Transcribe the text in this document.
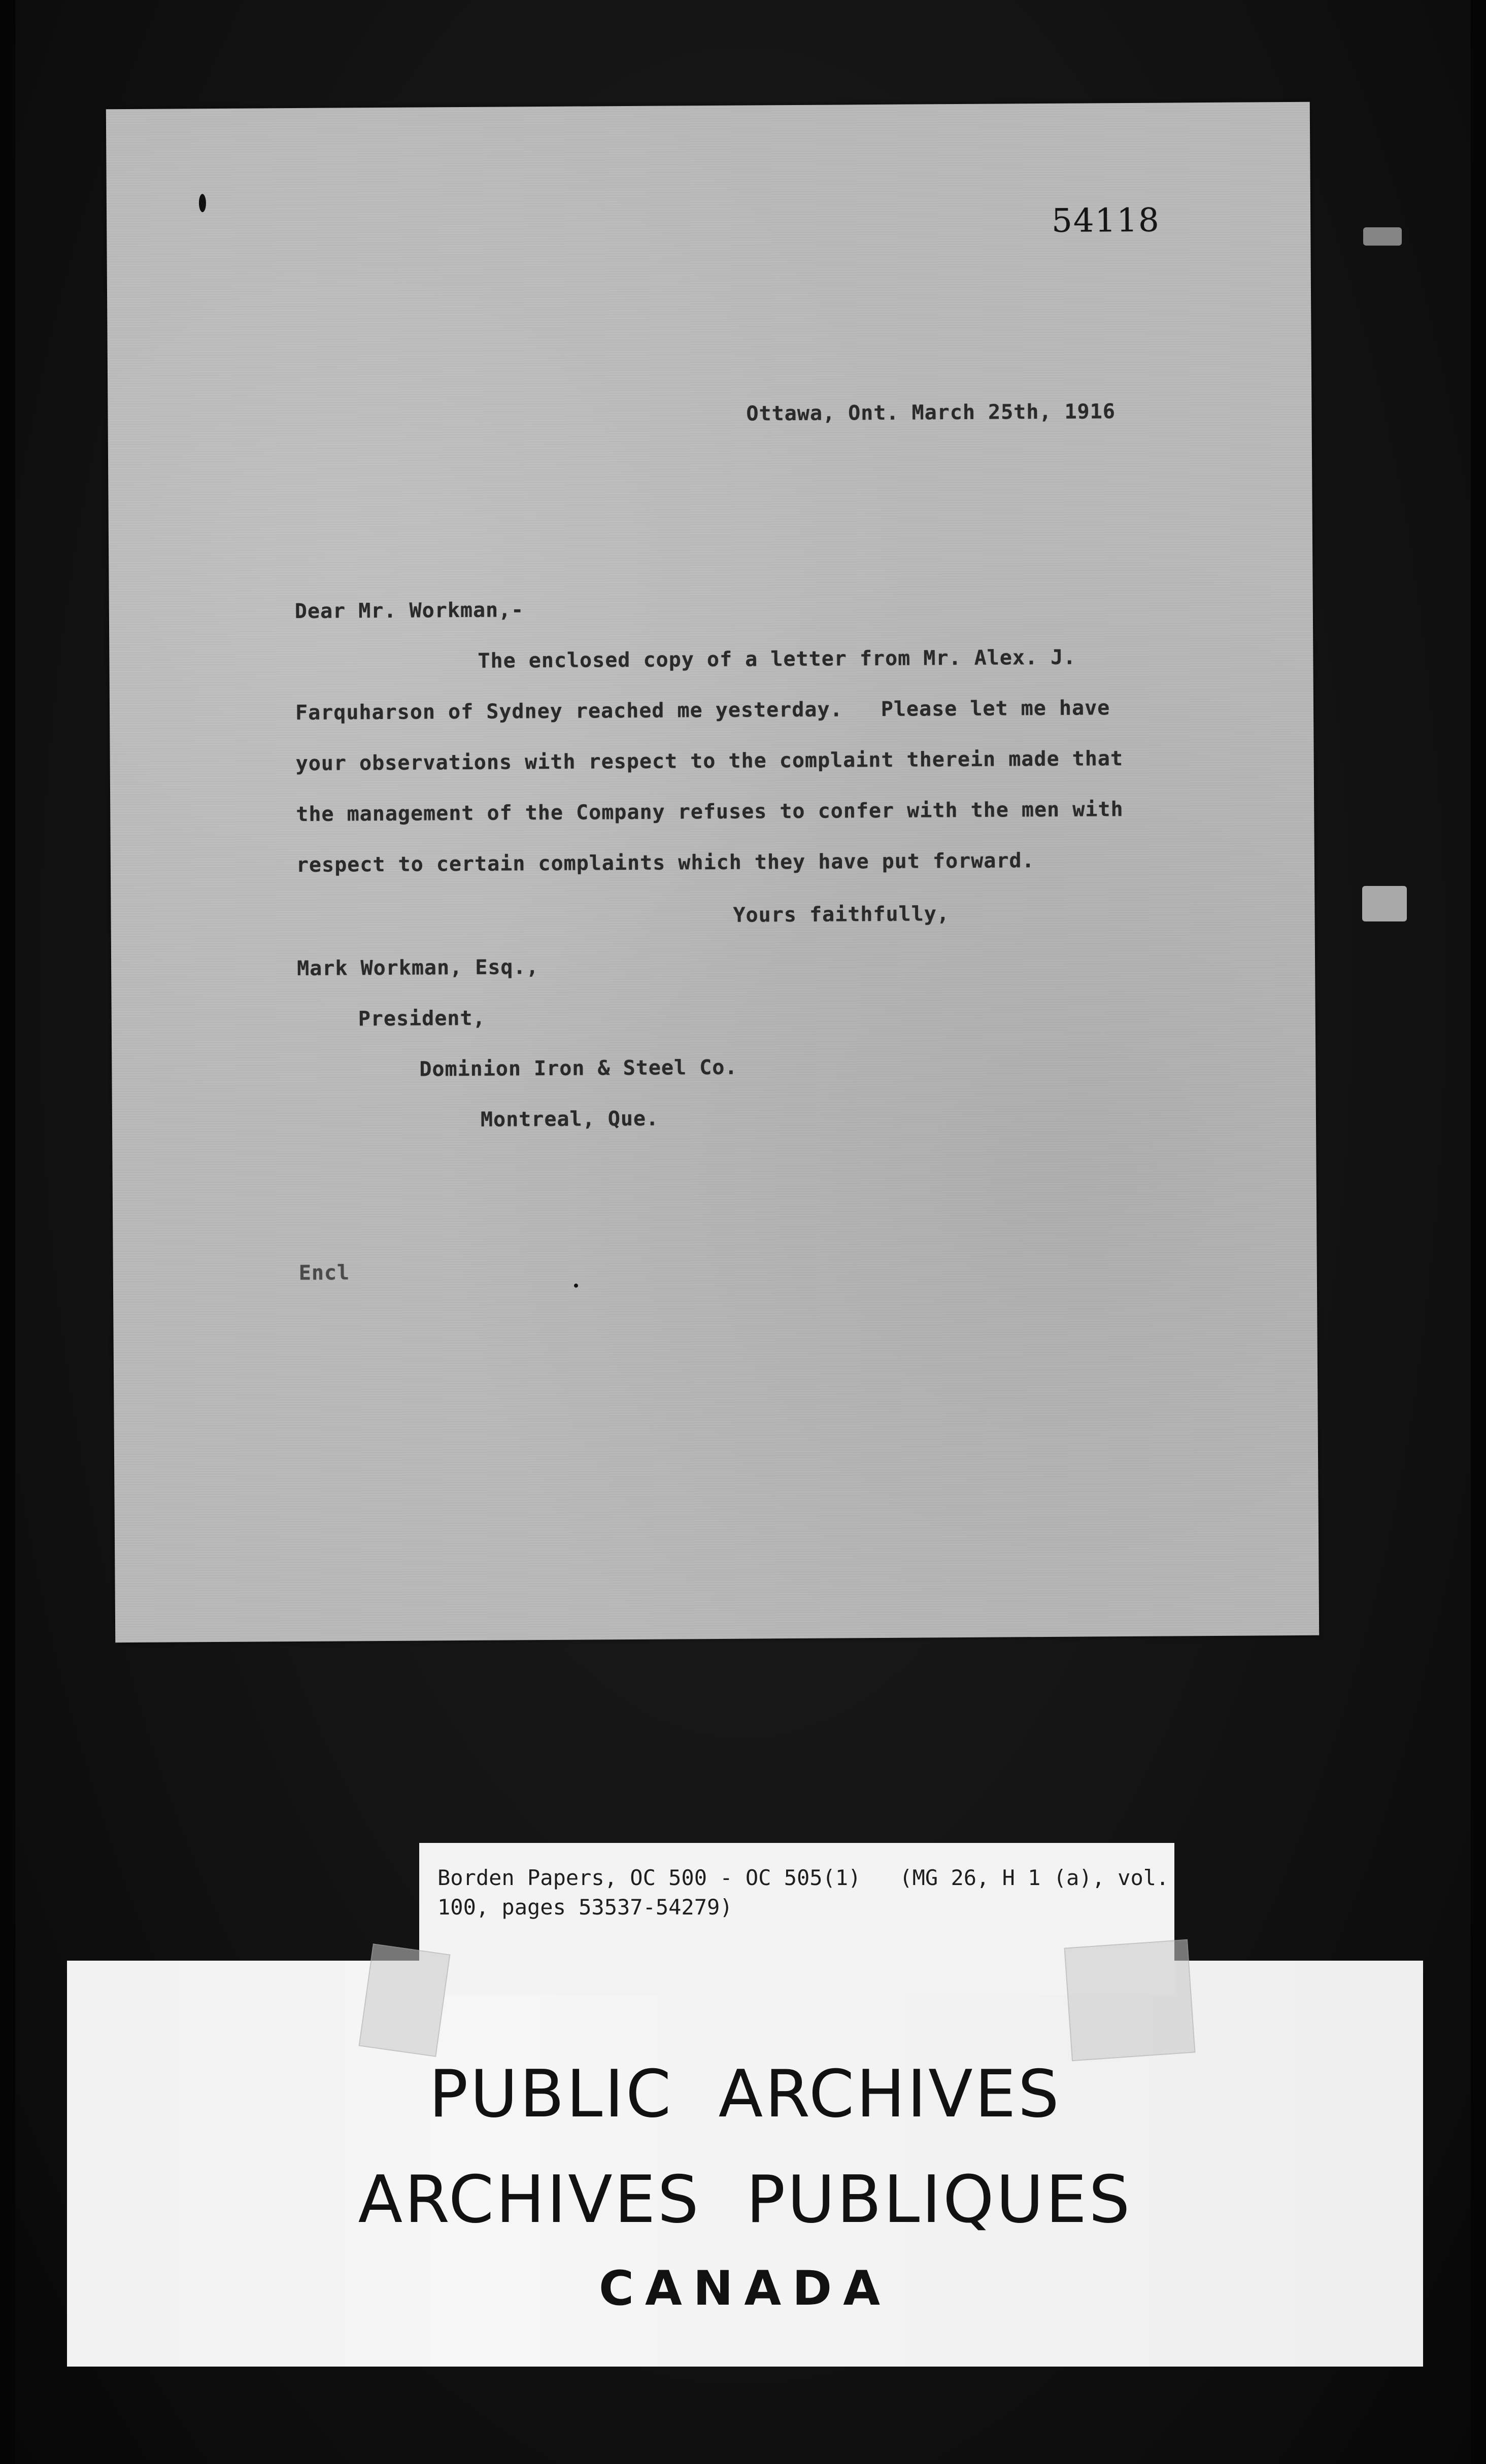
54118
Ottawa, Ont. March 25th, 1916
Dear Mr. Workman,-
The enclosed copy of a letter from Mr. Alex. J.
Farquharson of Sydney reached me yesterday.   Please let me have
your observations with respect to the complaint therein made that
the management of the Company refuses to confer with the men with
respect to certain complaints which they have put forward.
Yours faithfully,
Mark Workman, Esq.,
President,
Dominion Iron & Steel Co.
Montreal, Que.
Encl
PUBLIC  ARCHIVES
ARCHIVES  PUBLIQUES
CANADA
Borden Papers, OC 500 - OC 505(1)   (MG 26, H 1 (a), vol.
100, pages 53537-54279)
